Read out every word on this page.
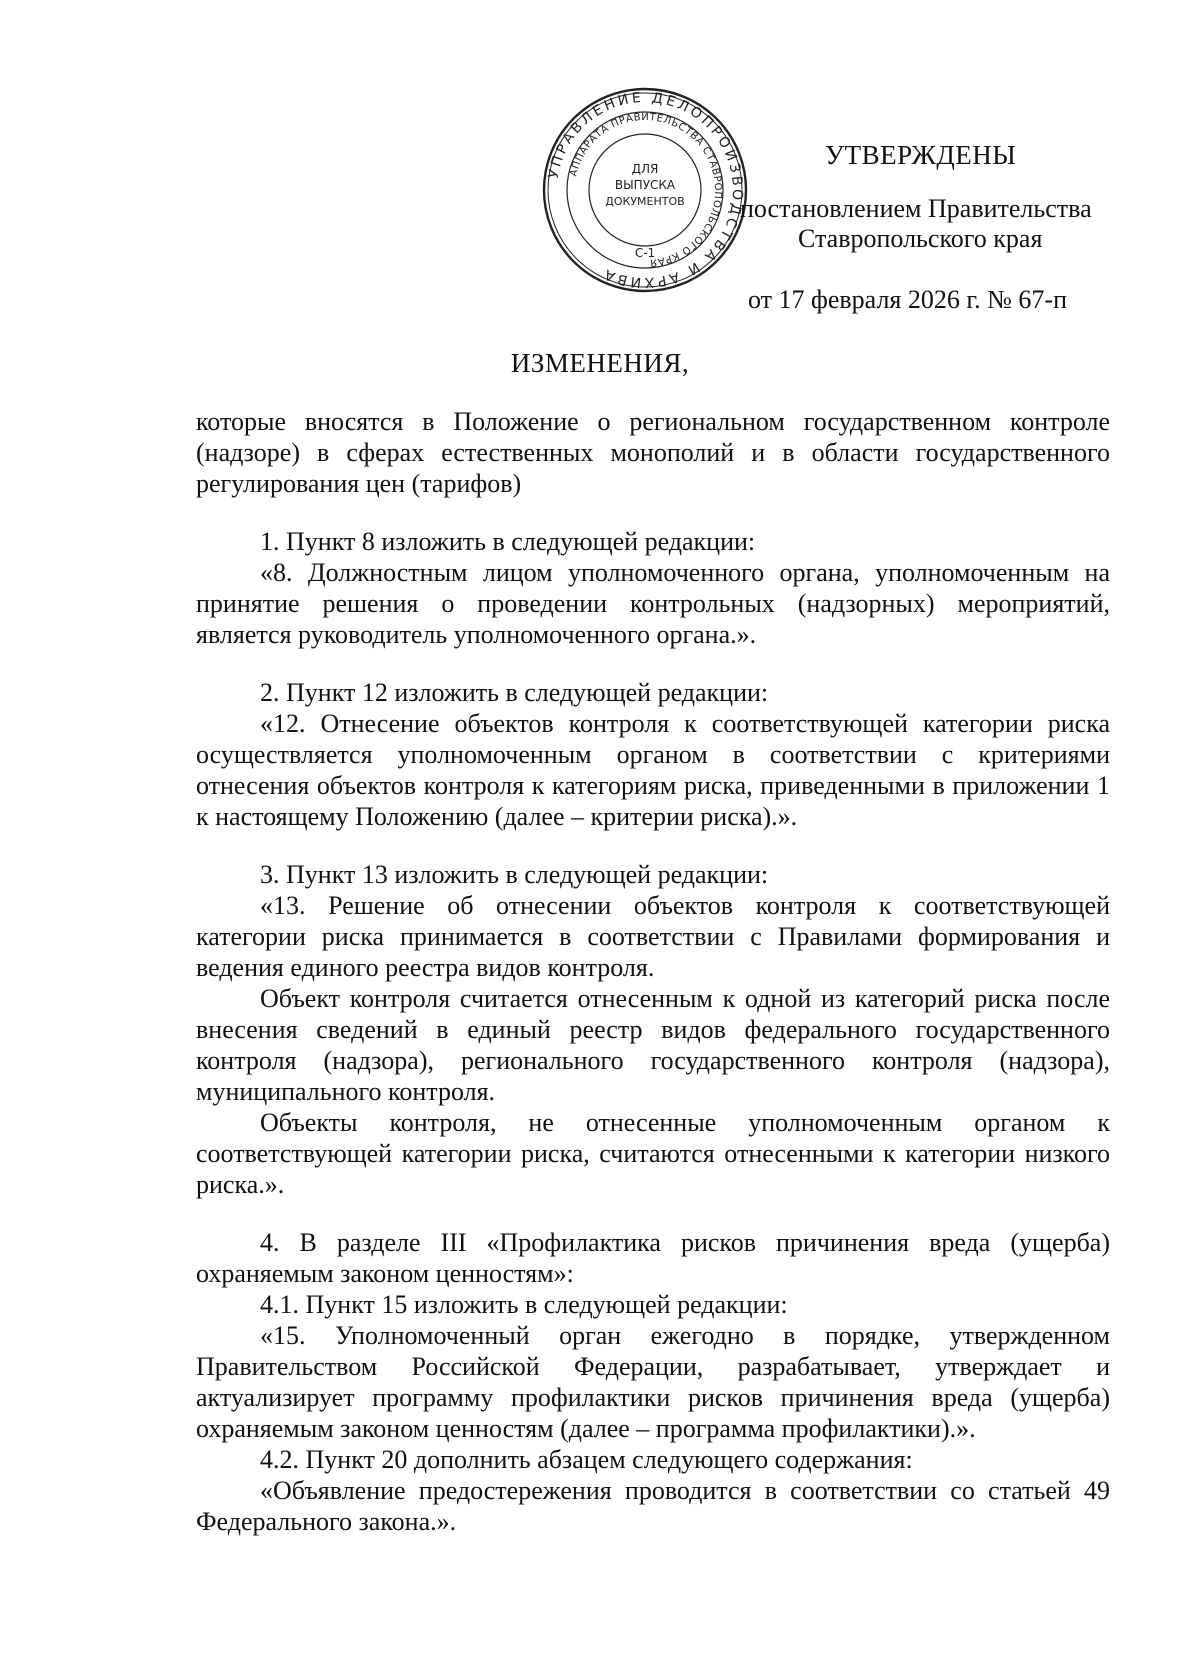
УПРАВЛЕНИЕ ДЕЛОПРОИЗВОДСТВА И АРХИВА
АППАРАТА ПРАВИТЕЛЬСТВА СТАВРОПОЛЬСКОГО КРАЯ
ДЛЯ
ВЫПУСКА
ДОКУМЕНТОВ
С-1
УТВЕРЖДЕНЫ
постановлением Правительства
Ставропольского края
от 17 февраля 2026 г. № 67-п
ИЗМЕНЕНИЯ,

которые вносятся в Положение о региональном государственном контроле (надзоре) в сферах естественных монополий и в области государственного регулирования цен (тарифов)

1. Пункт 8 изложить в следующей редакции:

«8. Должностным лицом уполномоченного органа, уполномоченным на принятие решения о проведении контрольных (надзорных) мероприятий, является руководитель уполномоченного органа.».

2. Пункт 12 изложить в следующей редакции:

«12. Отнесение объектов контроля к соответствующей категории риска осуществляется уполномоченным органом в соответствии с критериями отнесения объектов контроля к категориям риска, приведенными в приложении 1 к настоящему Положению (далее – критерии риска).».

3. Пункт 13 изложить в следующей редакции:

«13. Решение об отнесении объектов контроля к соответствующей категории риска принимается в соответствии с Правилами формирования и ведения единого реестра видов контроля.

Объект контроля считается отнесенным к одной из категорий риска после внесения сведений в единый реестр видов федерального государственного контроля (надзора), регионального государственного контроля (надзора), муниципального контроля.

Объекты контроля, не отнесенные уполномоченным органом к соответствующей категории риска, считаются отнесенными к категории низкого риска.».

4. В разделе III «Профилактика рисков причинения вреда (ущерба) охраняемым законом ценностям»:

4.1. Пункт 15 изложить в следующей редакции:

«15. Уполномоченный орган ежегодно в порядке, утвержденном Правительством Российской Федерации, разрабатывает, утверждает и актуализирует программу профилактики рисков причинения вреда (ущерба) охраняемым законом ценностям (далее – программа профилактики).».

4.2. Пункт 20 дополнить абзацем следующего содержания:

«Объявление предостережения проводится в соответствии со статьей 49 Федерального закона.».
